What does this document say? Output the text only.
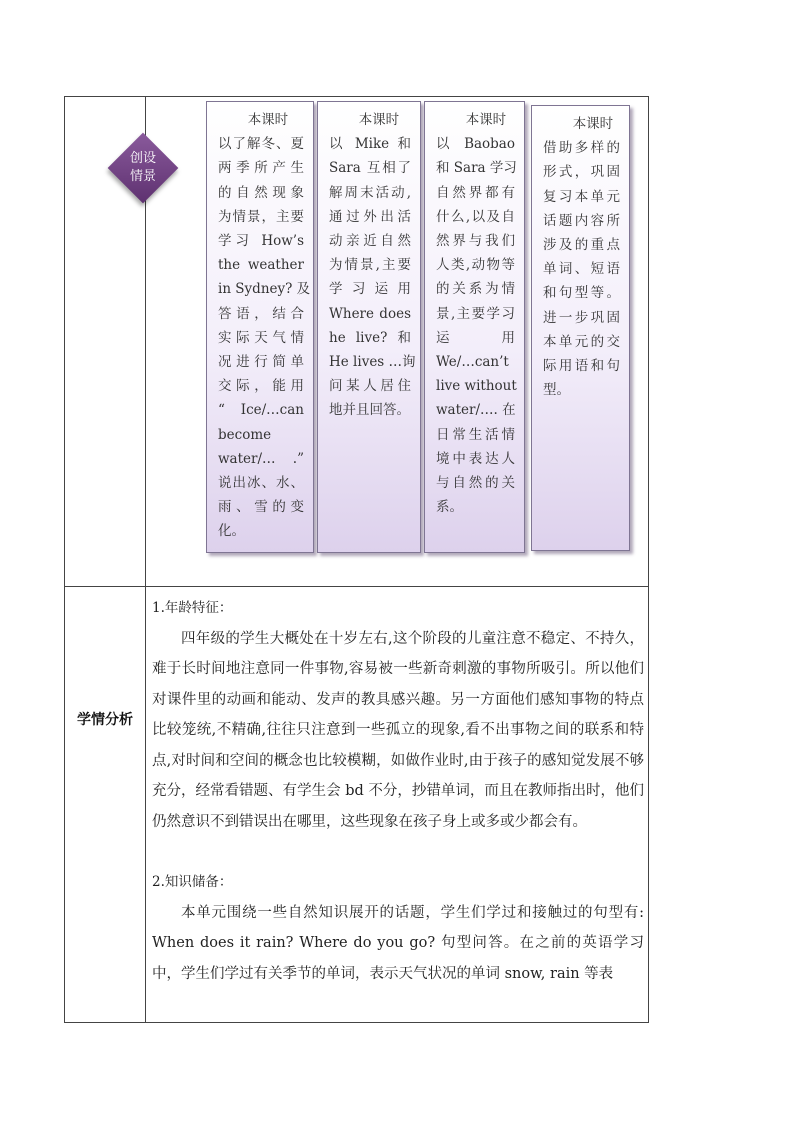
创设
情景
本课时
以了解冬、夏
两季所产生
的自然现象
为情景，主要
学习 How’s
the weather
in Sydney? 及
答语，结合
实际天气情
况进行简单
交际，能用
“ Ice/…can
become
water/… .”
说出冰、水、
雨、雪的变
化。
本课时
以 Mike 和
Sara 互相了
解周末活动,
通过外出活
动亲近自然
为情景,主要
学习运用
Where does
he live? 和
He lives …询
问某人居住
地并且回答。
本课时
以 Baobao
和 Sara 学习
自然界都有
什么,以及自
然界与我们
人类,动物等
的关系为情
景,主要学习
运　　用
We/…can’t
live without
water/…. 在
日常生活情
境中表达人
与自然的关
系。
本课时
借助多样的
形式，巩固
复习本单元
话题内容所
涉及的重点
单词、短语
和句型等。
进一步巩固
本单元的交
际用语和句
型。
学情分析

1.年龄特征：

四年级的学生大概处在十岁左右,这个阶段的儿童注意不稳定、不持久，难于长时间地注意同一件事物,容易被一些新奇刺激的事物所吸引。所以他们对课件里的动画和能动、发声的教具感兴趣。另一方面他们感知事物的特点比较笼统,不精确,往往只注意到一些孤立的现象,看不出事物之间的联系和特点,对时间和空间的概念也比较模糊，如做作业时,由于孩子的感知觉发展不够充分，经常看错题、有学生会 bd 不分，抄错单词，而且在教师指出时，他们仍然意识不到错误出在哪里，这些现象在孩子身上或多或少都会有。

2.知识储备：

本单元围绕一些自然知识展开的话题，学生们学过和接触过的句型有: When does it rain? Where do you go? 句型问答。在之前的英语学习中，学生们学过有关季节的单词，表示天气状况的单词 snow, rain 等表
